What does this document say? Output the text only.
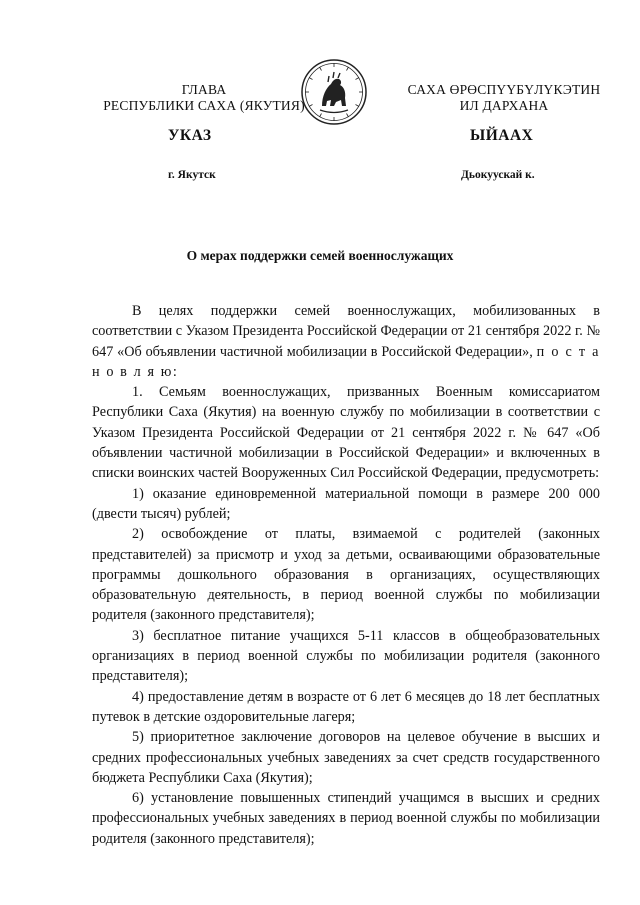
ГЛАВА
РЕСПУБЛИКИ САХА (ЯКУТИЯ)
САХА ӨРӨСПҮҮБҮЛҮКЭТИН
ИЛ ДАРХАНА
УКАЗ	ЫЙААХ
г. Якутск	Дьокуускай к.
О мерах поддержки семей военнослужащих

В целях поддержки семей военнослужащих, мобилизованных в соответствии с Указом Президента Российской Федерации от 21 сентября 2022 г. № 647 «Об объявлении частичной мобилизации в Российской Федерации», п о с т а н о в л я ю:

1. Семьям военнослужащих, призванных Военным комиссариатом Республики Саха (Якутия) на военную службу по мобилизации в соответствии с Указом Президента Российской Федерации от 21 сентября 2022 г. № 647 «Об объявлении частичной мобилизации в Российской Федерации» и включенных в списки воинских частей Вооруженных Сил Российской Федерации, предусмотреть:

1) оказание единовременной материальной помощи в размере 200 000 (двести тысяч) рублей;

2) освобождение от платы, взимаемой с родителей (законных представителей) за присмотр и уход за детьми, осваивающими образовательные программы дошкольного образования в организациях, осуществляющих образовательную деятельность, в период военной службы по мобилизации родителя (законного представителя);

3) бесплатное питание учащихся 5-11 классов в общеобразовательных организациях в период военной службы по мобилизации родителя (законного представителя);

4) предоставление детям в возрасте от 6 лет 6 месяцев до 18 лет бесплатных путевок в детские оздоровительные лагеря;

5) приоритетное заключение договоров на целевое обучение в высших и средних профессиональных учебных заведениях за счет средств государственного бюджета Республики Саха (Якутия);

6) установление повышенных стипендий учащимся в высших и средних профессиональных учебных заведениях в период военной службы по мобилизации родителя (законного представителя);
